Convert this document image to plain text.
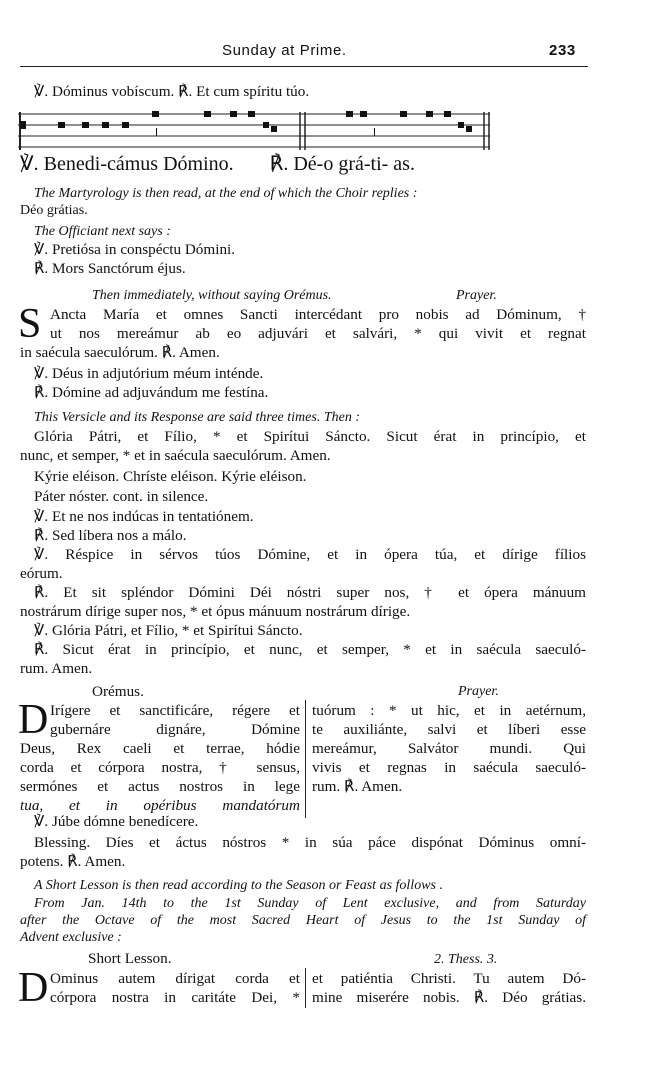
Sunday at Prime.	233
℣. Dóminus vobíscum. ℟. Et cum spíritu túo.
℣. Benedi-cámus Dómino. ℟. Dé-o grá-ti- as.
The Martyrology is then read, at the end of which the Choir replies :
Déo grátias.
The Officiant next says :
℣. Pretiósa in conspéctu Dómini.
℟. Mors Sanctórum éjus.
Then immediately, without saying Orémus.	Prayer.
S Ancta María et omnes Sancti intercédant pro nobis ad Dóminum, †
ut nos mereámur ab eo adjuvári et salvári, * qui vivit et regnat
in saécula saeculórum. ℟. Amen.
℣. Déus in adjutórium méum inténde.
℟. Dómine ad adjuvándum me festína.
This Versicle and its Response are said three times. Then :
Glória Pátri, et Fílio, * et Spirítui Sáncto. Sicut érat in princípio, et
nunc, et semper, * et in saécula saeculórum. Amen.
Kýrie eléison. Chríste eléison. Kýrie eléison.
Páter nóster. cont. in silence.
℣. Et ne nos indúcas in tentatiónem.
℟. Sed líbera nos a málo.
℣. Réspice in sérvos túos Dómine, et in ópera túa, et dírige fílios
eórum.
℟. Et sit spléndor Dómini Déi nóstri super nos, † et ópera mánuum
nostrárum dírige super nos, * et ópus mánuum nostrárum dírige.
℣. Glória Pátri, et Fílio, * et Spirítui Sáncto.
℟. Sicut érat in princípio, et nunc, et semper, * et in saécula saeculó-
rum. Amen.
Orémus.	Prayer.
D Irígere et sanctificáre, régere et
gubernáre dignáre, Dómine
Deus, Rex caeli et terrae, hódie
corda et córpora nostra, † sensus,
sermónes et actus nostros in lege
tua, et in opéribus mandatórum
tuórum : * ut hic, et in aetérnum,
te auxiliánte, salvi et líberi esse
mereámur, Salvátor mundi. Qui
vivis et regnas in saécula saeculó-
rum. ℟. Amen.
℣. Júbe dómne benedícere.
Blessing. Díes et áctus nóstros * in súa páce dispónat Dóminus omní-
potens. ℟. Amen.
A Short Lesson is then read according to the Season or Feast as follows .
From Jan. 14th to the 1st Sunday of Lent exclusive, and from Saturday
after the Octave of the most Sacred Heart of Jesus to the 1st Sunday of
Advent exclusive :
Short Lesson.	2. Thess. 3.
D Ominus autem dírigat corda et
córpora nostra in caritáte Dei, *
et patiéntia Christi. Tu autem Dó-
mine miserére nobis. ℟. Déo grátias.
